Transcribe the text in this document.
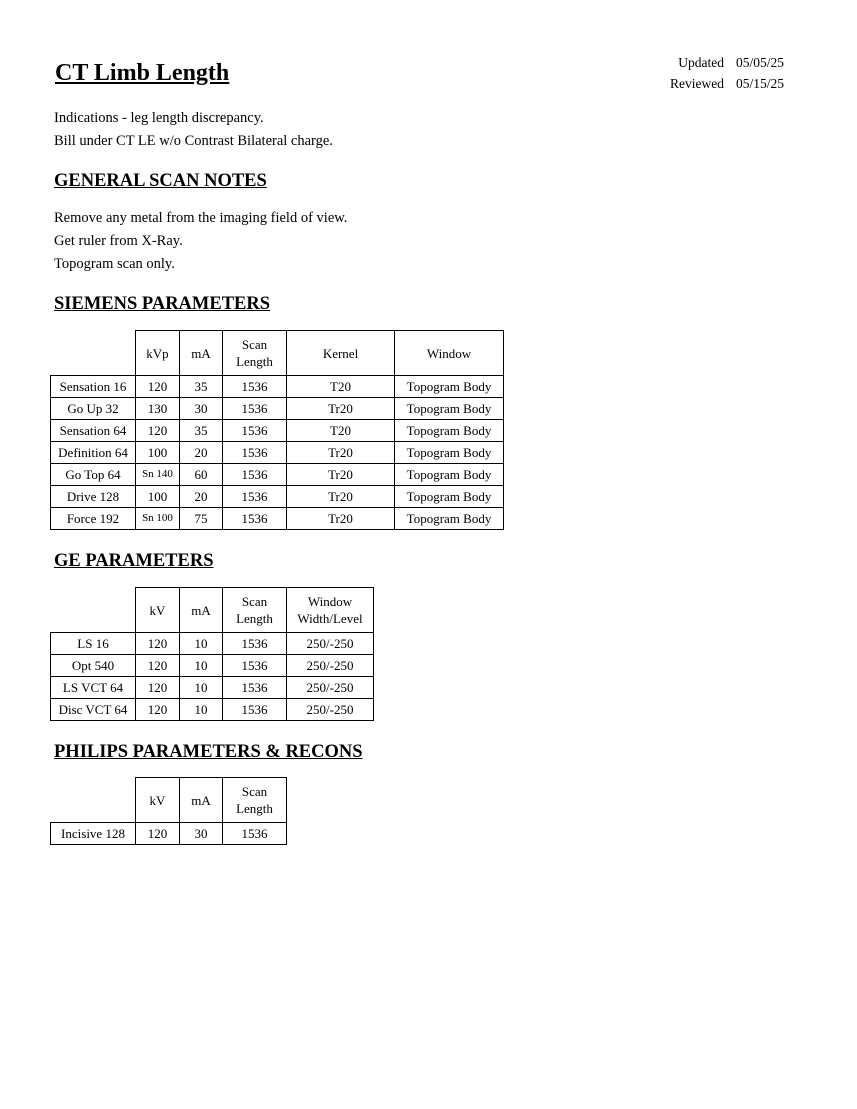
CT Limb Length	Updated	05/05/25
Reviewed	05/15/25
Indications - leg length discrepancy.
Bill under CT LE w/o Contrast Bilateral charge.
GENERAL SCAN NOTES
Remove any metal from the imaging field of view.
Get ruler from X-Ray.
Topogram scan only.
SIEMENS PARAMETERS
	kVp	mA	Scan Length	Kernel	Window
Sensation 16	120	35	1536	T20	Topogram Body
Go Up 32	130	30	1536	Tr20	Topogram Body
Sensation 64	120	35	1536	T20	Topogram Body
Definition 64	100	20	1536	Tr20	Topogram Body
Go Top 64	Sn 140	60	1536	Tr20	Topogram Body
Drive 128	100	20	1536	Tr20	Topogram Body
Force 192	Sn 100	75	1536	Tr20	Topogram Body
GE PARAMETERS
	kV	mA	Scan Length	Window Width/Level
LS 16	120	10	1536	250/-250
Opt 540	120	10	1536	250/-250
LS VCT 64	120	10	1536	250/-250
Disc VCT 64	120	10	1536	250/-250
PHILIPS PARAMETERS & RECONS
	kV	mA	Scan Length
Incisive 128	120	30	1536
